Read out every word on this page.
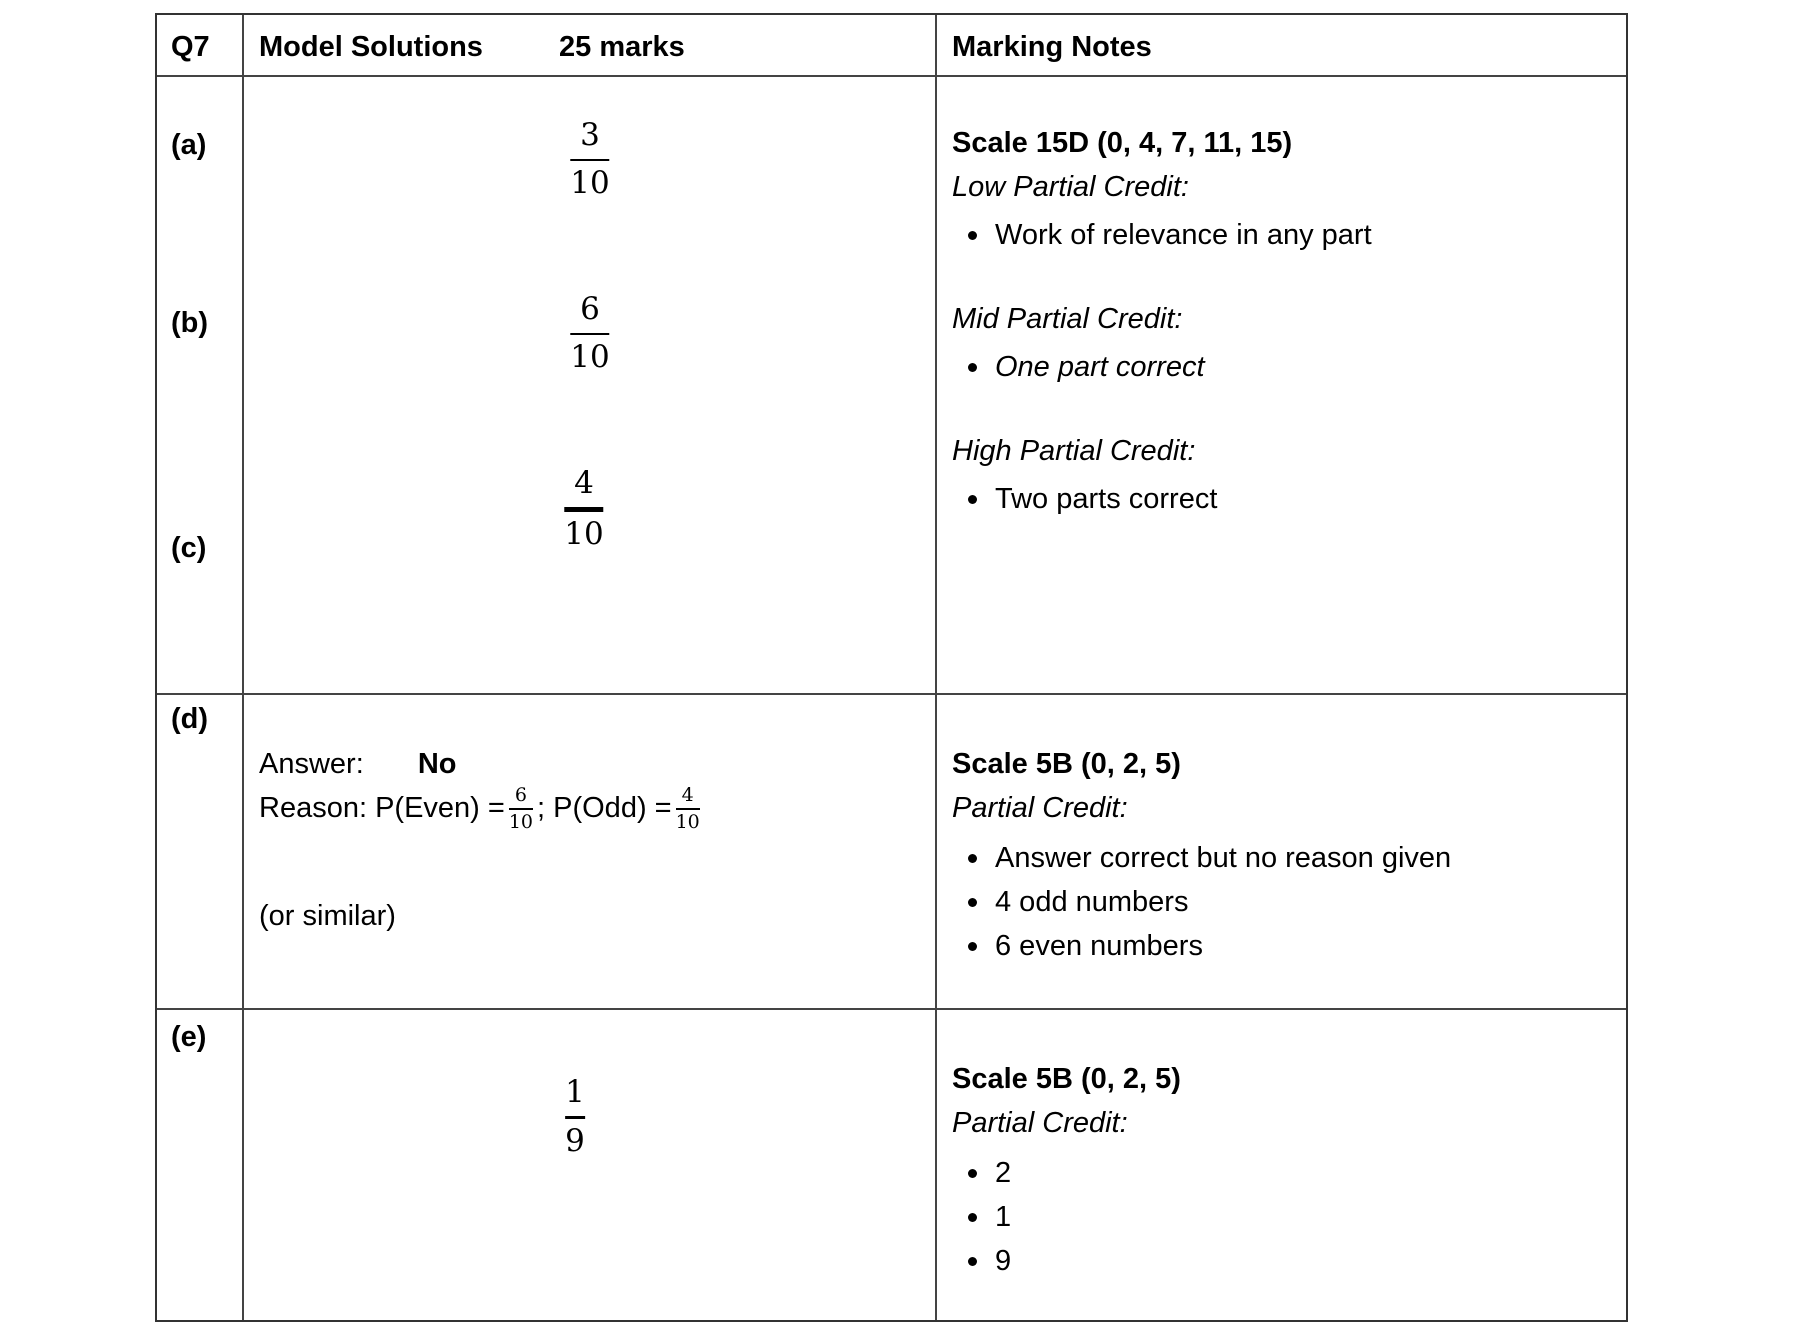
Q7 Model Solutions	25 marks	Marking Notes
(a)
(b)
(c)
3
10
6
10
4
10
Scale 15D (0, 4, 7, 11, 15)
Low Partial Credit:
Work of relevance in any part
Mid Partial Credit:
One part correct
High Partial Credit:
Two parts correct
(d)
Answer: No
Reason: P(Even) = $\frac{6}{10}$ ; $P(Odd) = \frac{4}{10}$
(or similar)
Scale 5B (0, 2, 5)
Partial Credit:
Answer correct but no reason given
4 odd numbers
6 even numbers
(e)
1
9
Scale 5B (0, 2, 5)
Partial Credit:
2
1
9
